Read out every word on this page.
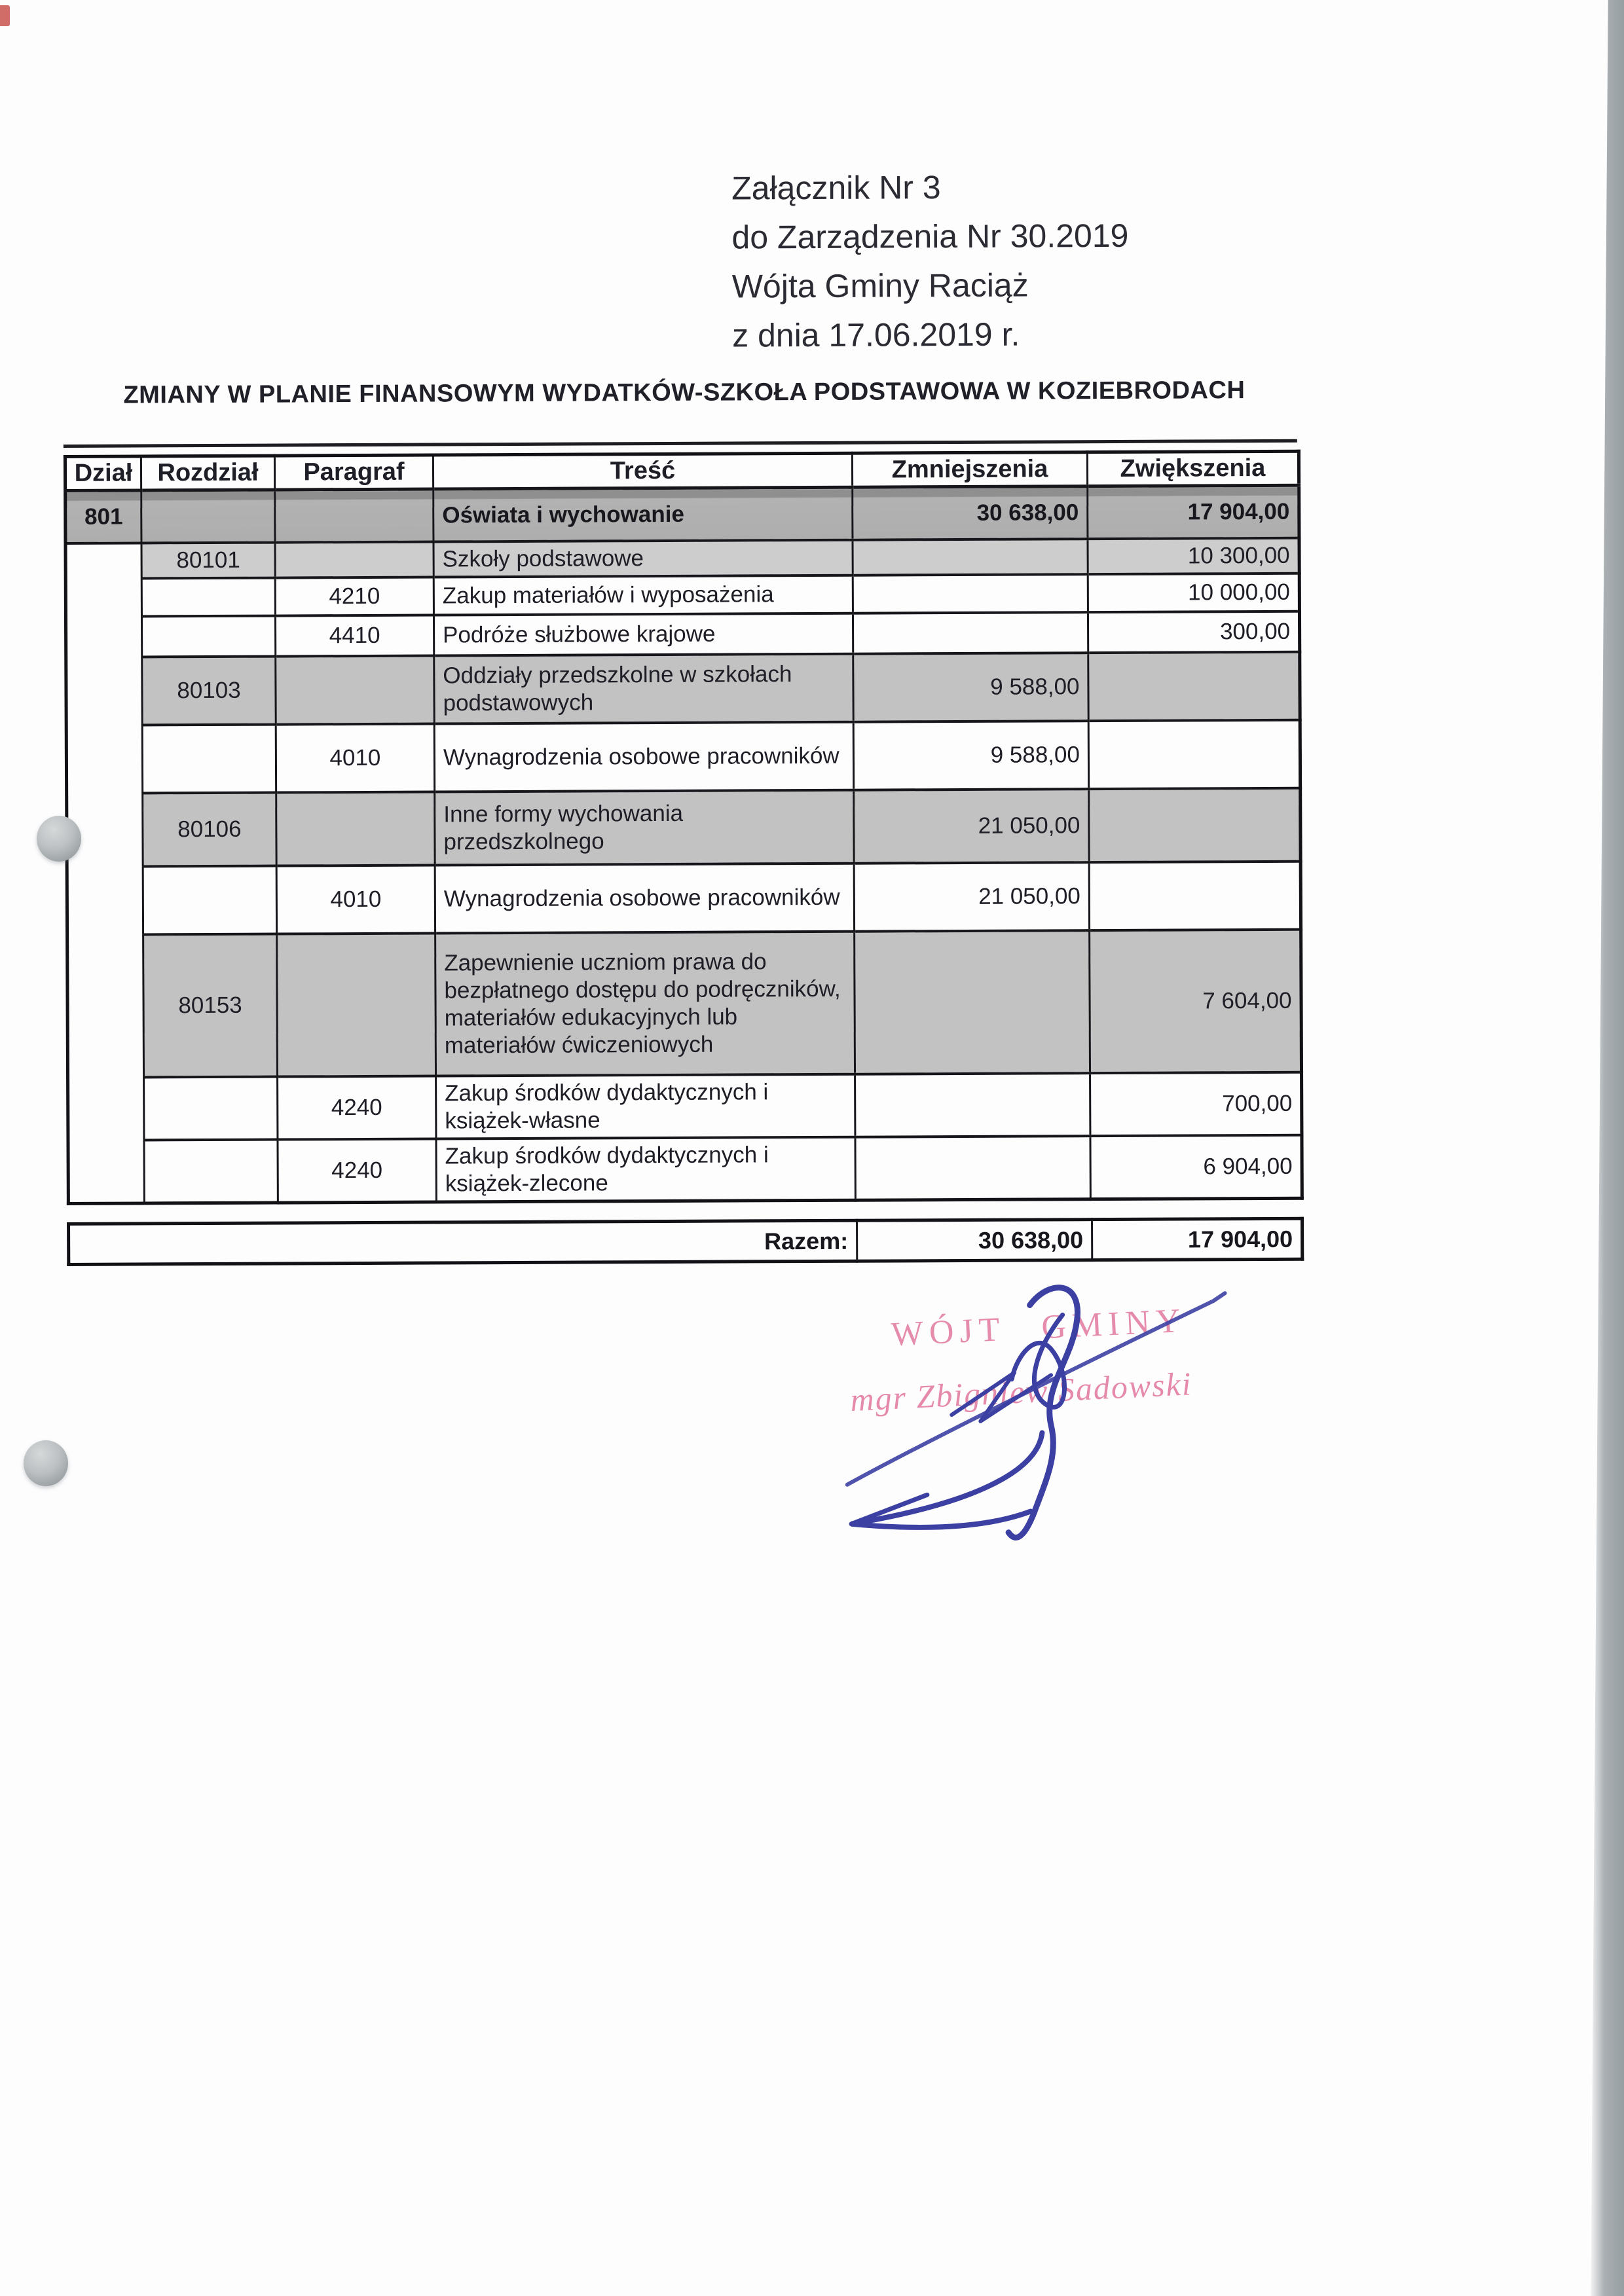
Załącznik Nr 3
do Zarządzenia Nr 30.2019
Wójta Gminy Raciąż
z dnia 17.06.2019 r.
ZMIANY W PLANIE FINANSOWYM WYDATKÓW-SZKOŁA PODSTAWOWA W KOZIEBRODACH
Dział	Rozdział	Paragraf	Treść	Zmniejszenia	Zwiększenia
801			Oświata i wychowanie	30 638,00	17 904,00
	80101		Szkoły podstawowe		10 300,00
		4210	Zakup materiałów i wyposażenia		10 000,00
		4410	Podróże służbowe krajowe		300,00
	80103		Oddziały przedszkolne w szkołach podstawowych	9 588,00	
		4010	Wynagrodzenia osobowe pracowników	9 588,00	
	80106		Inne formy wychowania przedszkolnego	21 050,00	
		4010	Wynagrodzenia osobowe pracowników	21 050,00	
	80153		Zapewnienie uczniom prawa do bezpłatnego dostępu do podręczników, materiałów edukacyjnych lub materiałów ćwiczeniowych		7 604,00
		4240	Zakup środków dydaktycznych i książek-własne		700,00
		4240	Zakup środków dydaktycznych i książek-zlecone		6 904,00
Razem:	30 638,00	17 904,00
WÓJT GMINY
mgr Zbigniew Sadowski
